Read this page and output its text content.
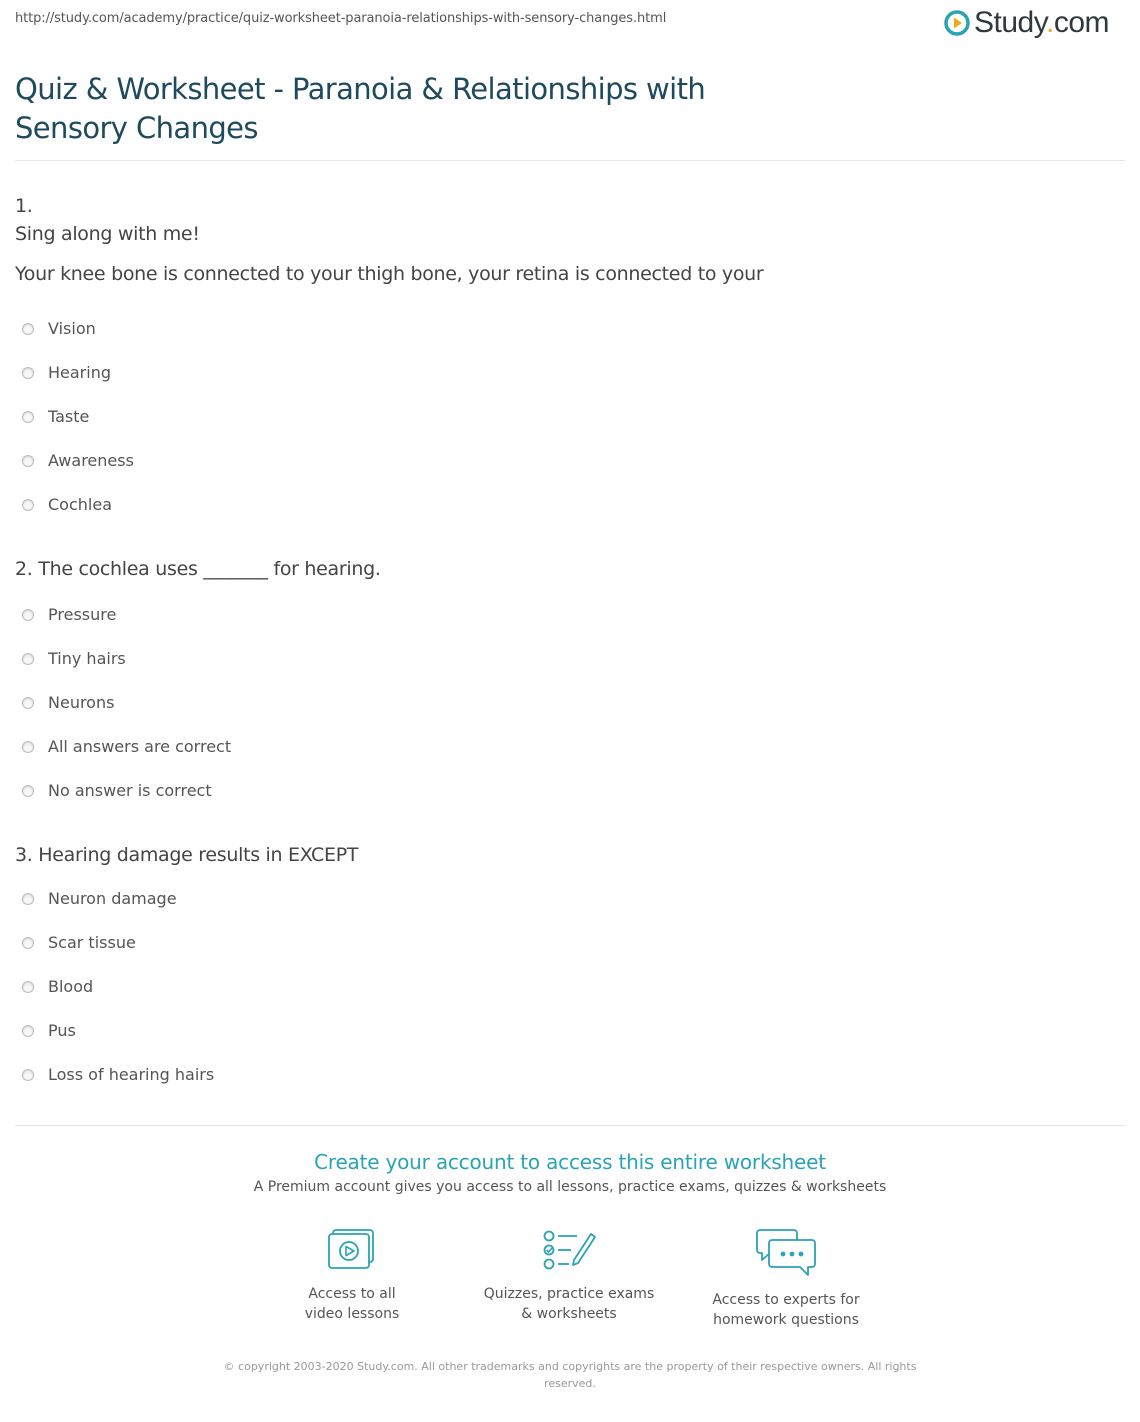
http://study.com/academy/practice/quiz-worksheet-paranoia-relationships-with-sensory-changes.html	Study.com
Quiz & Worksheet - Paranoia & Relationships with Sensory Changes
1.
Sing along with me!
Your knee bone is connected to your thigh bone, your retina is connected to your
Vision
Hearing
Taste
Awareness
Cochlea
2. The cochlea uses _______ for hearing.
Pressure
Tiny hairs
Neurons
All answers are correct
No answer is correct
3. Hearing damage results in EXCEPT
Neuron damage
Scar tissue
Blood
Pus
Loss of hearing hairs
Create your account to access this entire worksheet
A Premium account gives you access to all lessons, practice exams, quizzes & worksheets
Access to all
video lessons
Quizzes, practice exams
& worksheets
Access to experts for
homework questions
© copyright 2003-2020 Study.com. All other trademarks and copyrights are the property of their respective owners. All rights reserved.
